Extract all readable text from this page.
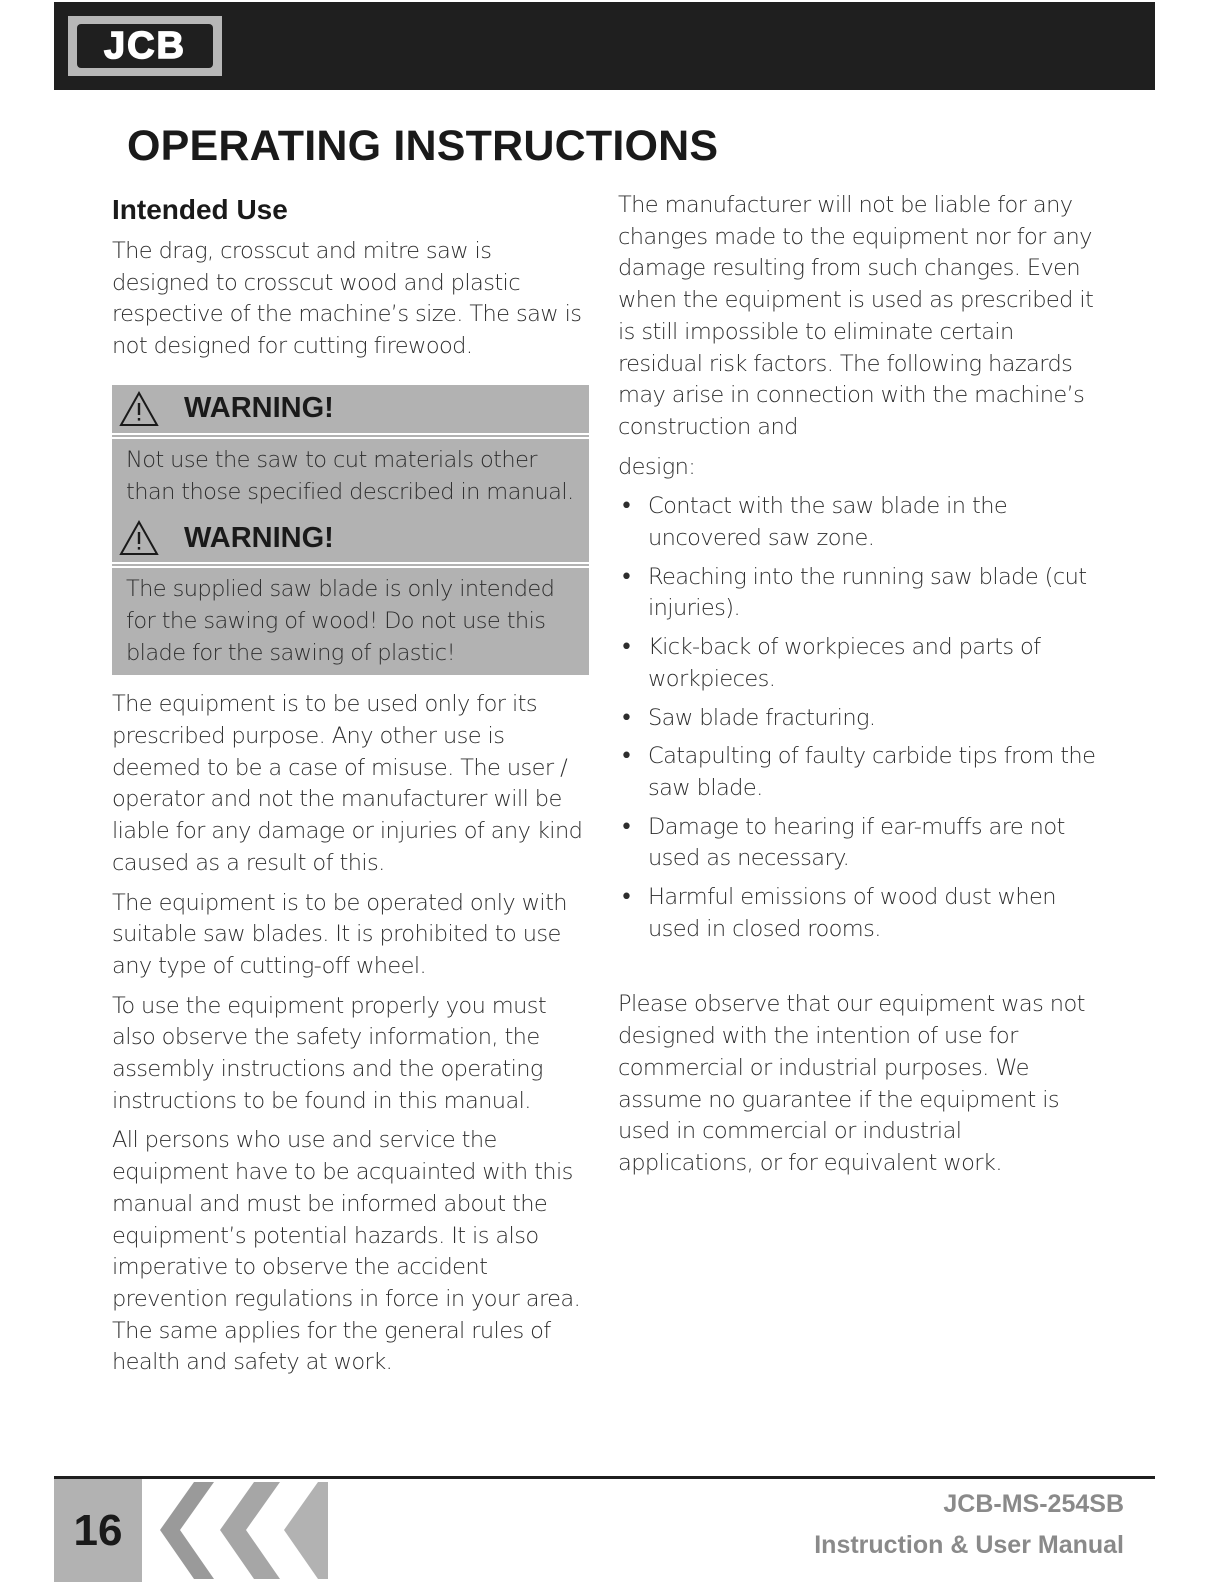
JCB
OPERATING INSTRUCTIONS
Intended Use

The drag, crosscut and mitre saw is designed to crosscut wood and plastic respective of the machine’s size. The saw is not designed for cutting firewood.

WARNING!

Not use the saw to cut materials other than those specified described in manual.

WARNING!

The supplied saw blade is only intended for the sawing of wood! Do not use this blade for the sawing of plastic!

The equipment is to be used only for its prescribed purpose. Any other use is deemed to be a case of misuse. The user / operator and not the manufacturer will be liable for any damage or injuries of any kind caused as a result of this.

The equipment is to be operated only with suitable saw blades. It is prohibited to use any type of cutting-off wheel.

To use the equipment properly you must also observe the safety information, the assembly instructions and the operating instructions to be found in this manual.

All persons who use and service the equipment have to be acquainted with this manual and must be informed about the equipment’s potential hazards. It is also imperative to observe the accident prevention regulations in force in your area. The same applies for the general rules of health and safety at work.

The manufacturer will not be liable for any changes made to the equipment nor for any damage resulting from such changes. Even when the equipment is used as prescribed it is still impossible to eliminate certain residual risk factors. The following hazards may arise in connection with the machine’s construction and

design:

• Contact with the saw blade in the uncovered saw zone.
• Reaching into the running saw blade (cut injuries).
• Kick-back of workpieces and parts of workpieces.
• Saw blade fracturing.
• Catapulting of faulty carbide tips from the saw blade.
• Damage to hearing if ear-muffs are not used as necessary.
• Harmful emissions of wood dust when used in closed rooms.

Please observe that our equipment was not designed with the intention of use for commercial or industrial purposes. We assume no guarantee if the equipment is used in commercial or industrial applications, or for equivalent work.

16
JCB-MS-254SB
Instruction & User Manual
